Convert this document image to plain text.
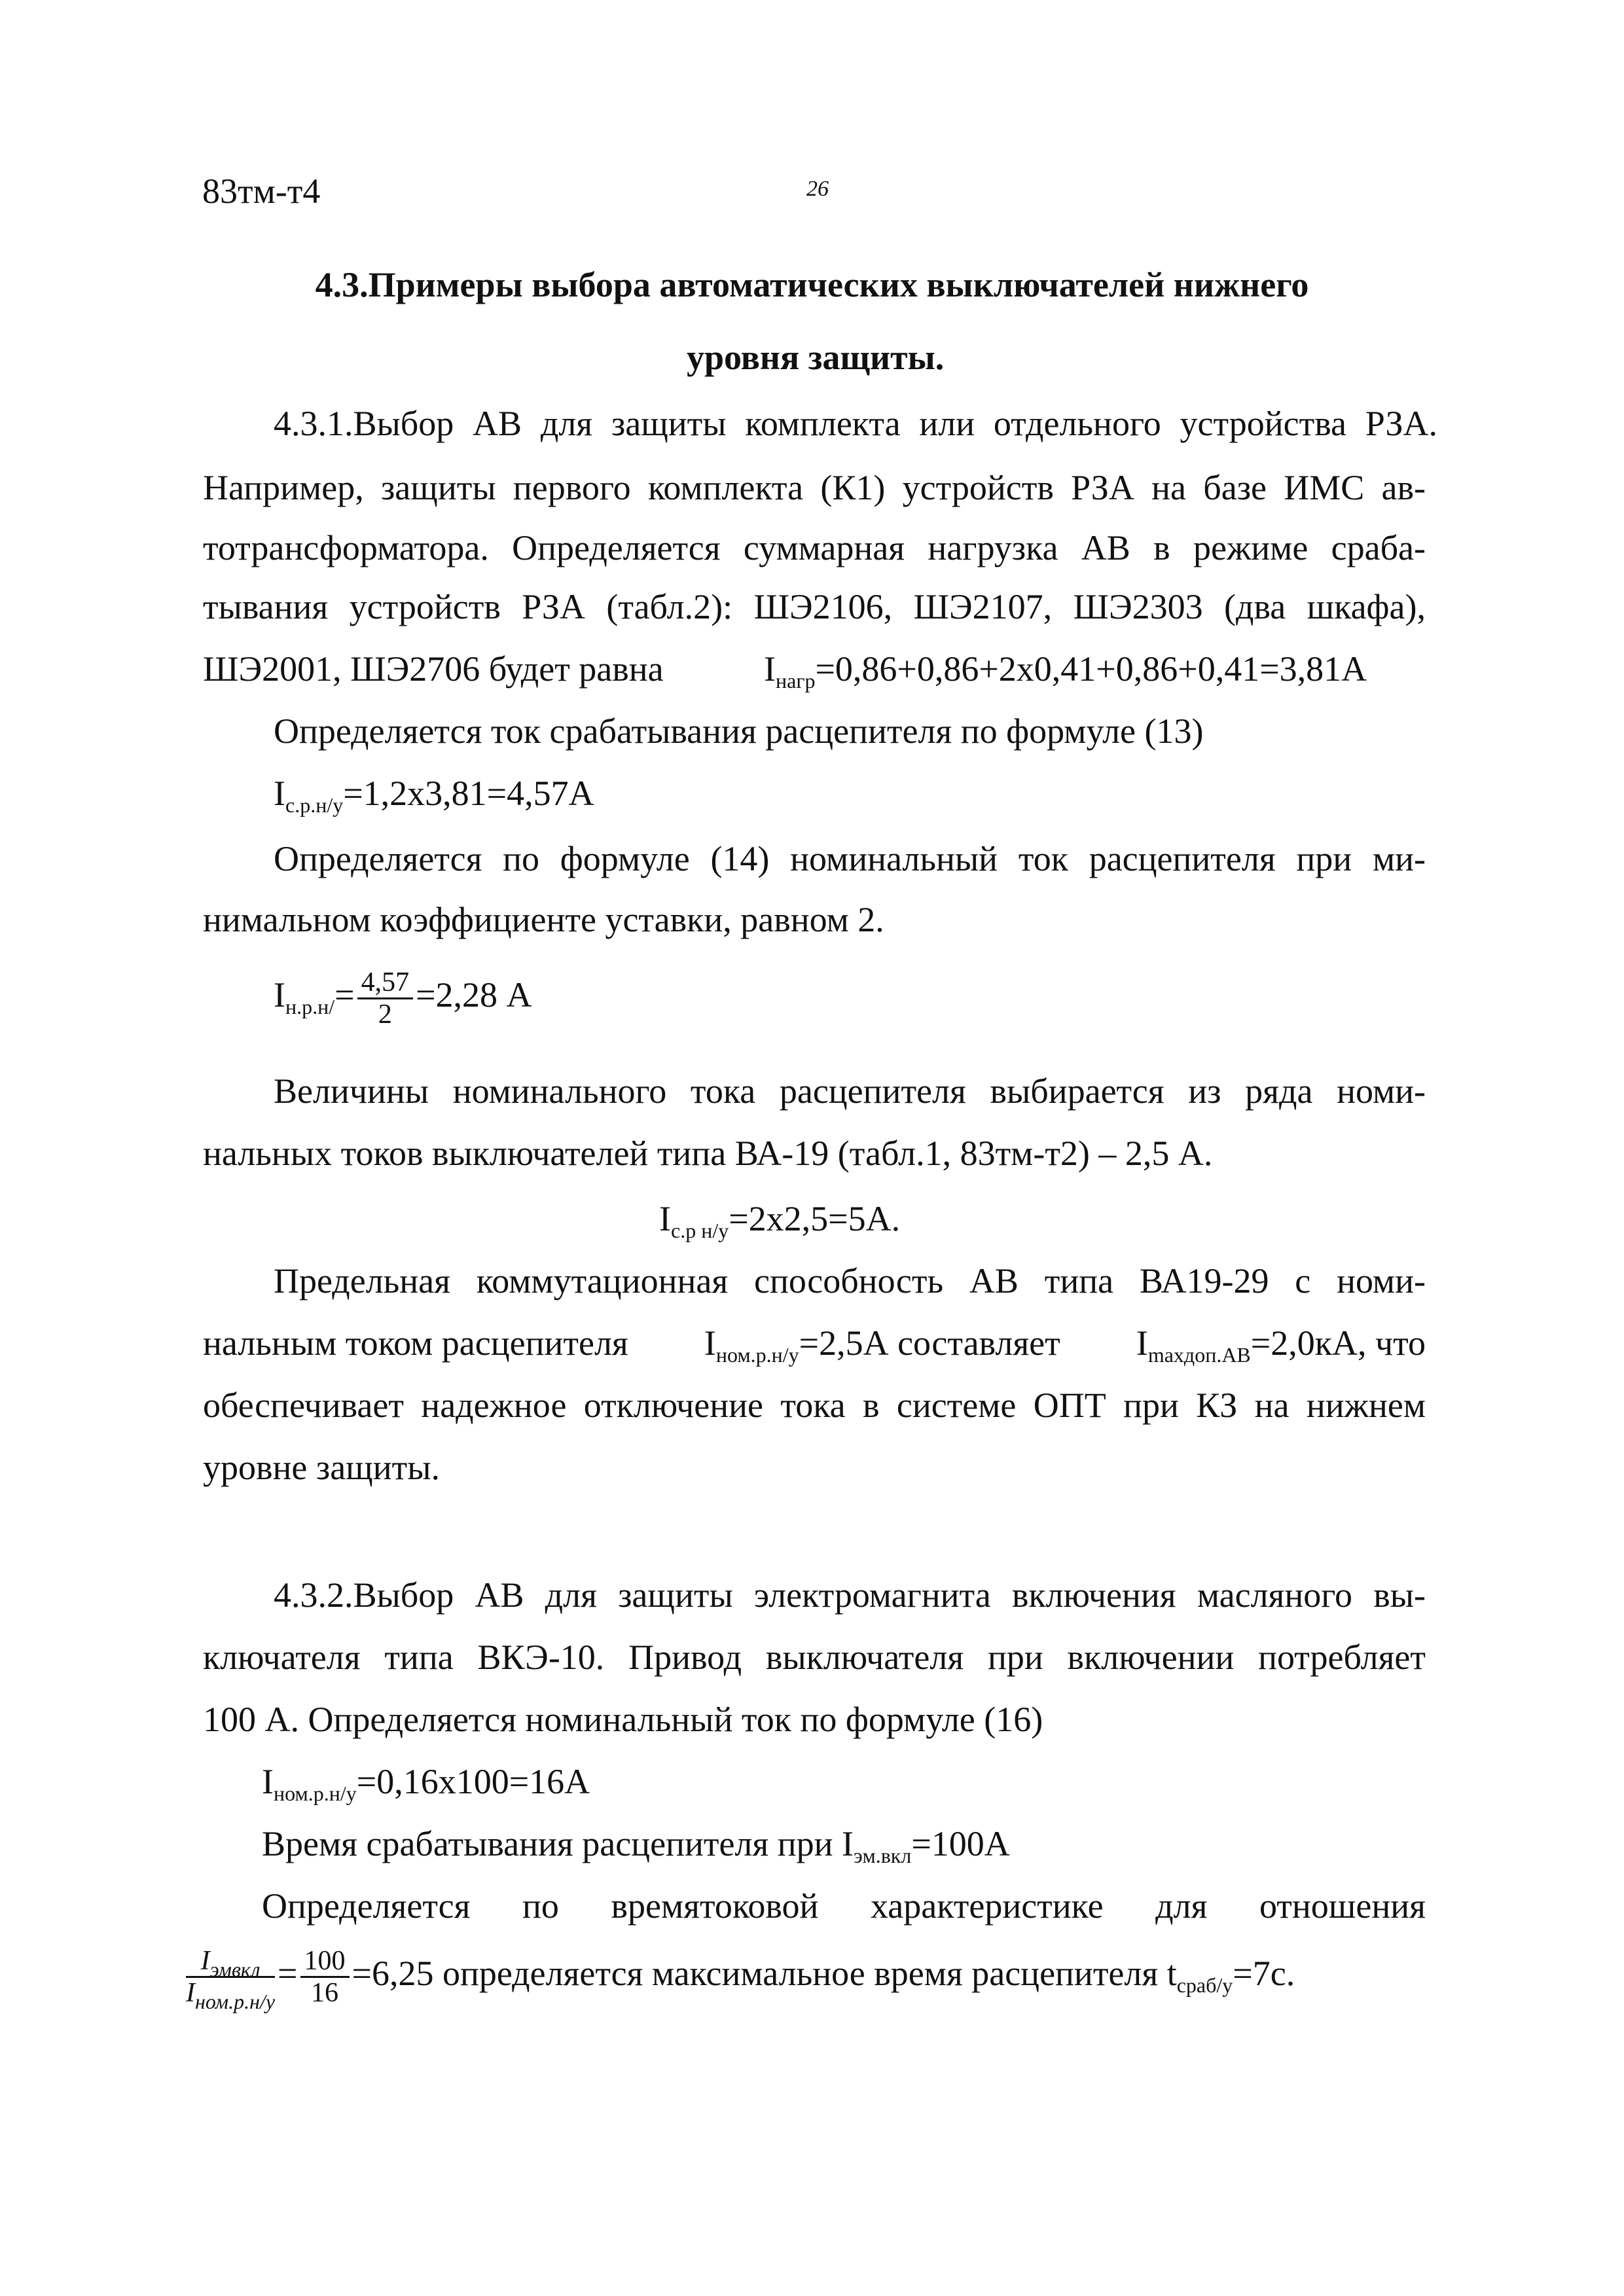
83тм-т4	26
4.3.Примеры выбора автоматических выключателей нижнего
уровня защиты.
4.3.1.Выбор АВ для защиты комплекта или отдельного устройства РЗА.
Например, защиты первого комплекта (К1) устройств РЗА на базе ИМС ав-
тотрансформатора. Определяется суммарная нагрузка АВ в режиме сраба-
тывания устройств РЗА (табл.2): ШЭ2106, ШЭ2107, ШЭ2303 (два шкафа),
ШЭ2001, ШЭ2706 будет равна	$I_{нагр}=0,86+0,86+2х0,41+0,86+0,41=3,81А$
Определяется ток срабатывания расцепителя по формуле (13)
$I_{с.р.н/у}=1,2х3,81=4,57А$
Определяется по формуле (14) номинальный ток расцепителя при ми-
нимальном коэффициенте уставки, равном 2.
$I_{н.р.н/}= \frac{4,57}{2} =2,28$ А
Величины номинального тока расцепителя выбирается из ряда номи-
нальных токов выключателей типа ВА-19 (табл.1, 83тм-т2) – 2,5 А.
$I_{с.р н/у}=2х2,5=5А$.
Предельная коммутационная способность АВ типа ВА19-29 с номи-
нальным током расцепителя $I_{ном.р.н/у}=2,5А$ составляет $I_{maxдоп.АВ}=2,0кА$, что
обеспечивает надежное отключение тока в системе ОПТ при КЗ на нижнем
уровне защиты.
4.3.2.Выбор АВ для защиты электромагнита включения масляного вы-
ключателя типа ВКЭ-10. Привод выключателя при включении потребляет
100 А. Определяется номинальный ток по формуле (16)
$I_{ном.р.н/у}=0,16х100=16А$
Время срабатывания расцепителя при $I_{эм.вкл}=100А$
Определяется по времятоковой характеристике для отношения
$\frac{I_{эмвкл}}{I_{ном.р.н/у}} = \frac{100}{16} =6,25$ определяется максимальное время расцепителя $t_{сраб/у}=7с$.
